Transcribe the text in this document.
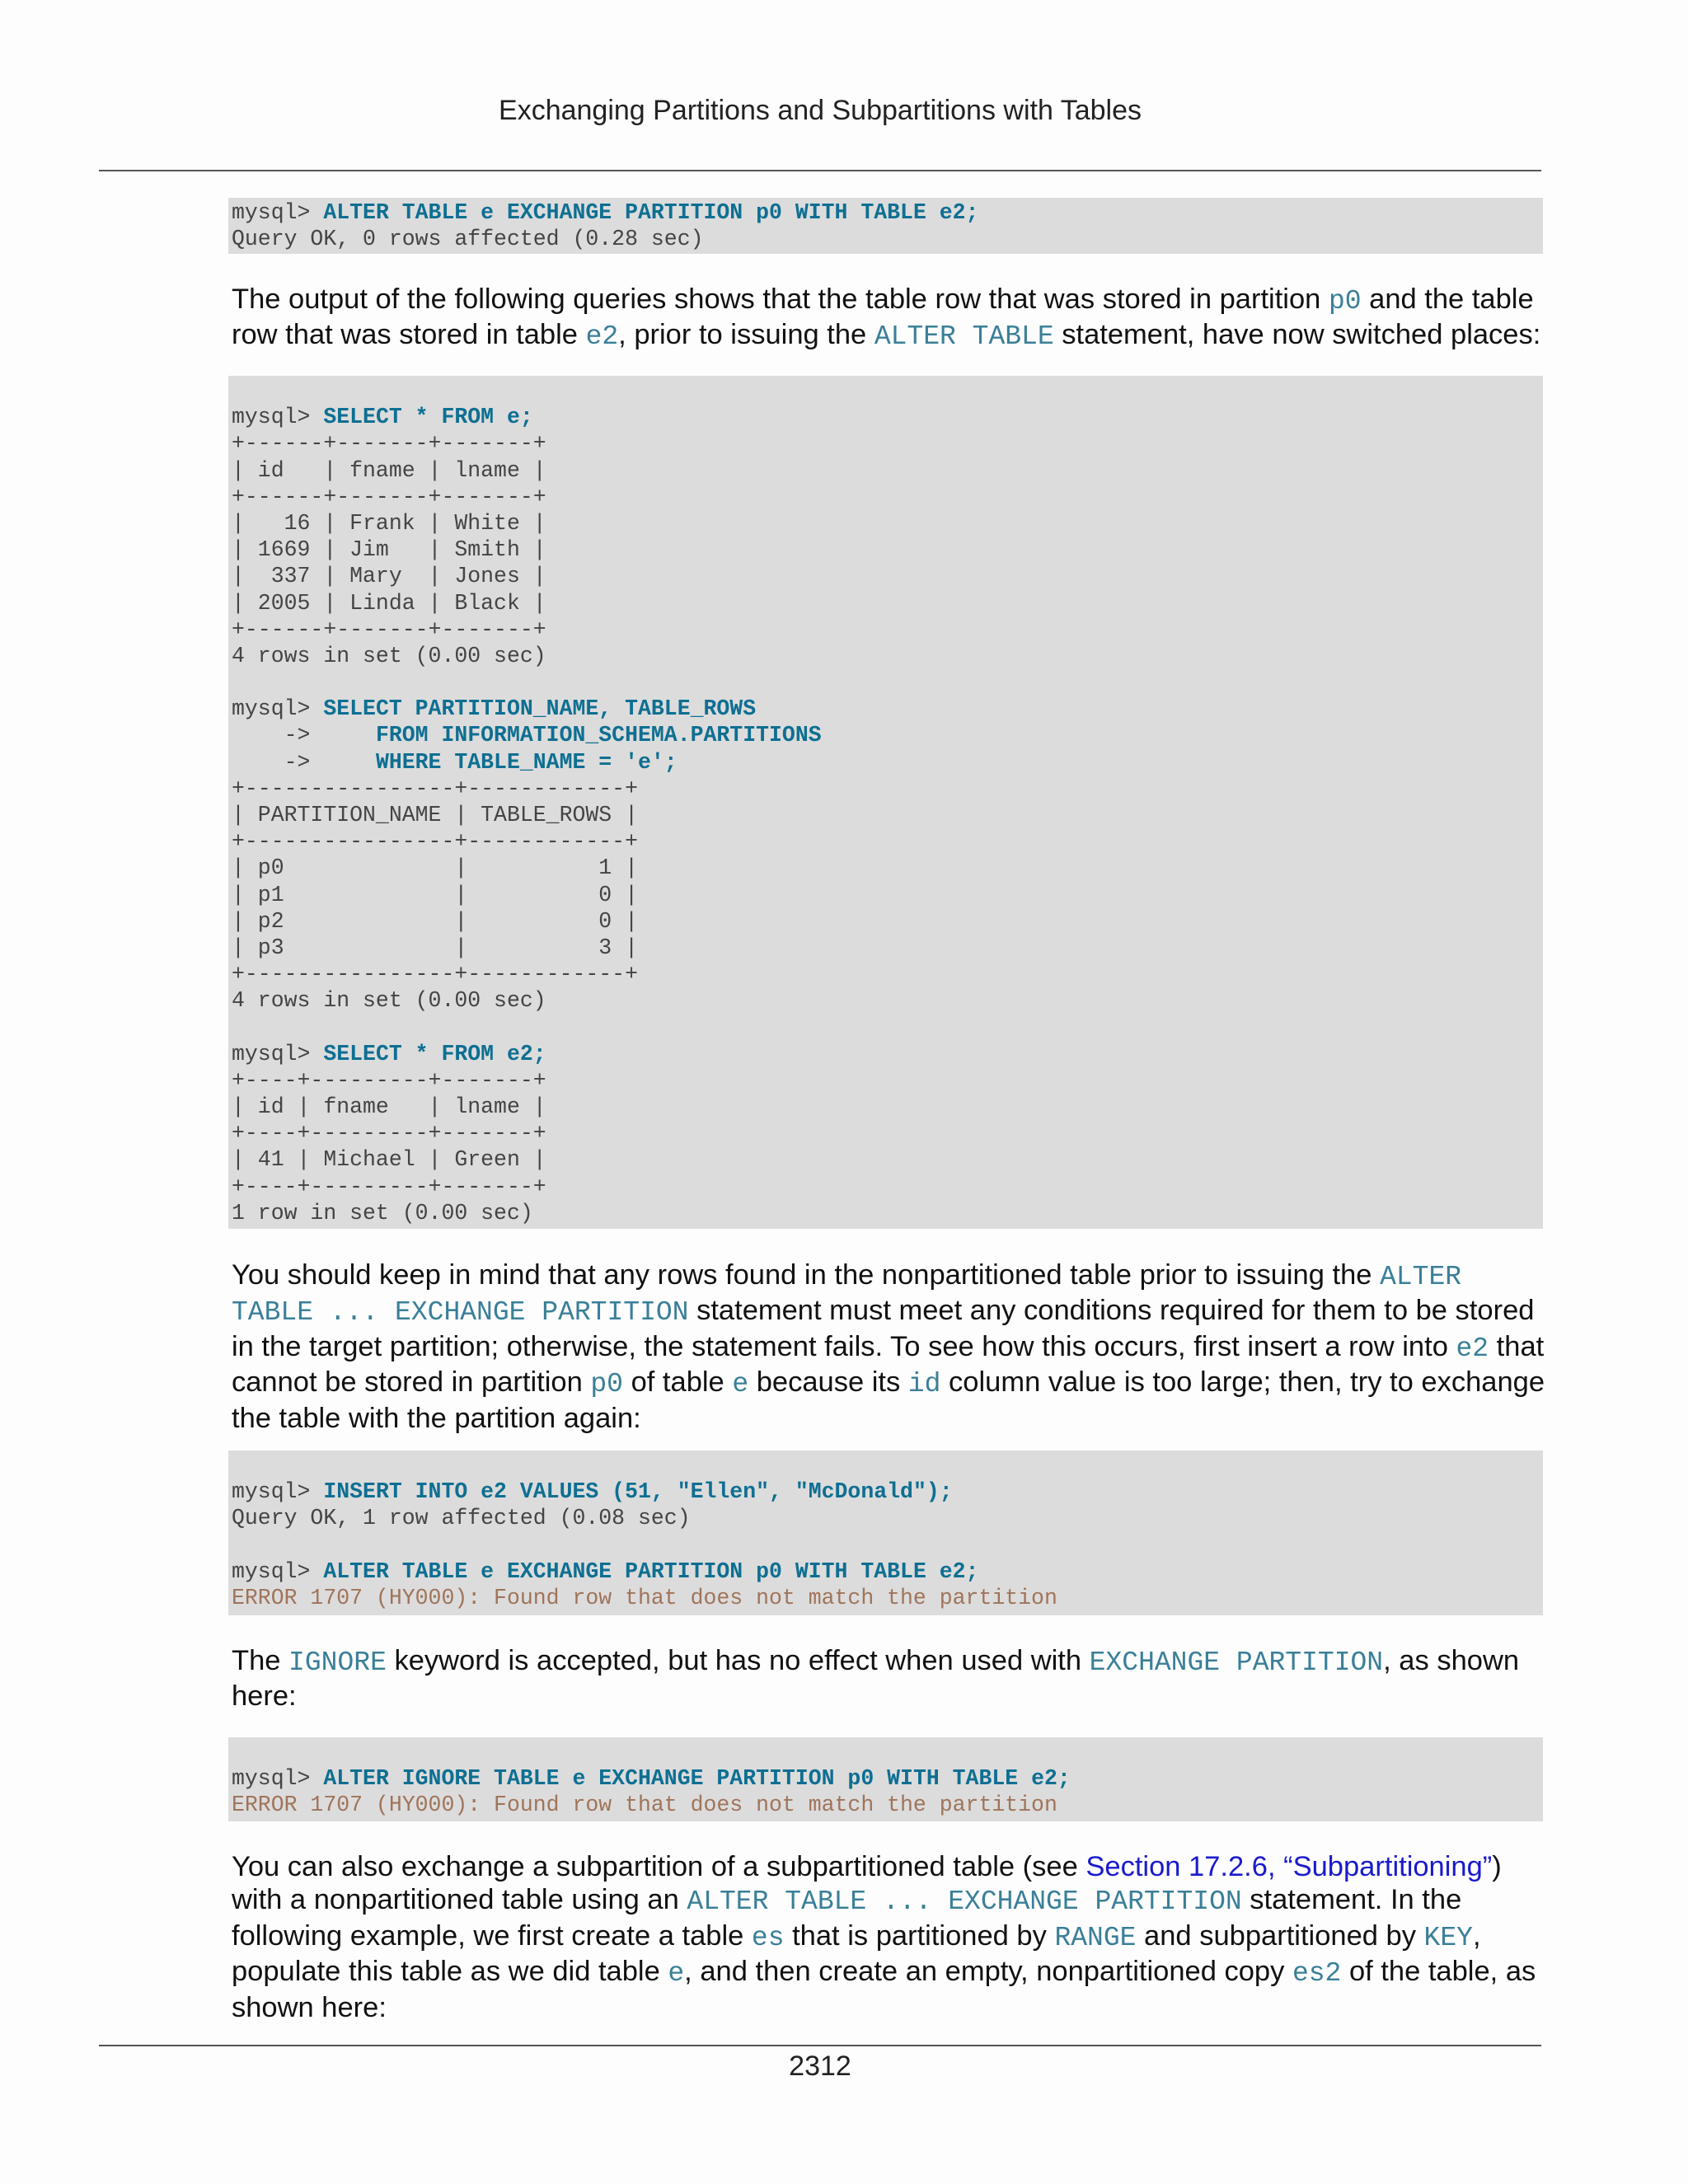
Exchanging Partitions and Subpartitions with Tables
mysql> ALTER TABLE e EXCHANGE PARTITION p0 WITH TABLE e2;
Query OK, 0 rows affected (0.28 sec)
The output of the following queries shows that the table row that was stored in partition p0 and the table row that was stored in table e2, prior to issuing the ALTER TABLE statement, have now switched places:
mysql> SELECT * FROM e;
+------+-------+-------+
| id   | fname | lname |
+------+-------+-------+
|   16 | Frank | White |
| 1669 | Jim   | Smith |
|  337 | Mary  | Jones |
| 2005 | Linda | Black |
+------+-------+-------+
4 rows in set (0.00 sec)
mysql> SELECT PARTITION_NAME, TABLE_ROWS
->     FROM INFORMATION_SCHEMA.PARTITIONS
->     WHERE TABLE_NAME = 'e';
+----------------+------------+
| PARTITION_NAME | TABLE_ROWS |
+----------------+------------+
| p0             |          1 |
| p1             |          0 |
| p2             |          0 |
| p3             |          3 |
+----------------+------------+
4 rows in set (0.00 sec)
mysql> SELECT * FROM e2;
+----+---------+-------+
| id | fname   | lname |
+----+---------+-------+
| 41 | Michael | Green |
+----+---------+-------+
1 row in set (0.00 sec)
You should keep in mind that any rows found in the nonpartitioned table prior to issuing the ALTER TABLE ... EXCHANGE PARTITION statement must meet any conditions required for them to be stored in the target partition; otherwise, the statement fails. To see how this occurs, first insert a row into e2 that cannot be stored in partition p0 of table e because its id column value is too large; then, try to exchange the table with the partition again:
mysql> INSERT INTO e2 VALUES (51, "Ellen", "McDonald");
Query OK, 1 row affected (0.08 sec)
mysql> ALTER TABLE e EXCHANGE PARTITION p0 WITH TABLE e2;
ERROR 1707 (HY000): Found row that does not match the partition
The IGNORE keyword is accepted, but has no effect when used with EXCHANGE PARTITION, as shown here:
mysql> ALTER IGNORE TABLE e EXCHANGE PARTITION p0 WITH TABLE e2;
ERROR 1707 (HY000): Found row that does not match the partition
You can also exchange a subpartition of a subpartitioned table (see Section 17.2.6, “Subpartitioning”) with a nonpartitioned table using an ALTER TABLE ... EXCHANGE PARTITION statement. In the following example, we first create a table es that is partitioned by RANGE and subpartitioned by KEY, populate this table as we did table e, and then create an empty, nonpartitioned copy es2 of the table, as shown here:
2312
